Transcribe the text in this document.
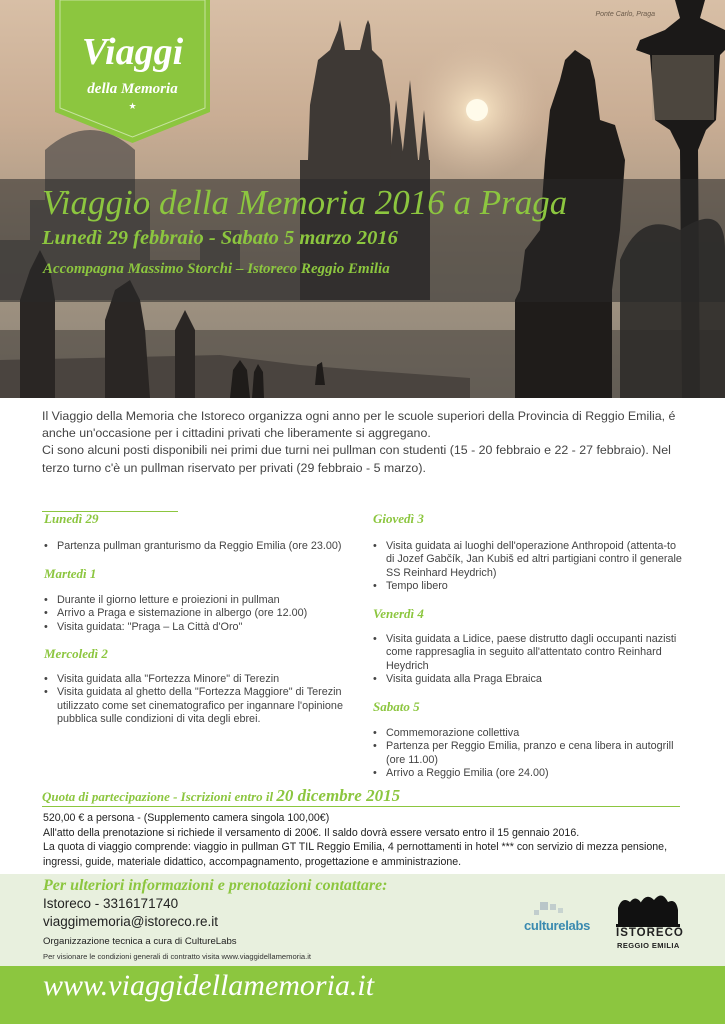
Ponte Carlo, Praga
Viaggi
della Memoria
★
Viaggio della Memoria 2016 a Praga
Lunedì 29 febbraio - Sabato 5 marzo 2016
Accompagna Massimo Storchi – Istoreco Reggio Emilia

Il Viaggio della Memoria che Istoreco organizza ogni anno per le scuole superiori della Provincia di Reggio Emilia, é anche un'occasione per i cittadini privati che liberamente si aggregano.

Ci sono alcuni posti disponibili nei primi due turni nei pullman con studenti (15 - 20 febbraio e 22 - 27 febbraio). Nel terzo turno c'è un pullman riservato per privati (29 febbraio - 5 marzo).

Lunedì 29
• Partenza pullman granturismo da Reggio Emilia (ore 23.00)
Martedì 1
• Durante il giorno letture e proiezioni in pullman
• Arrivo a Praga e sistemazione in albergo (ore 12.00)
• Visita guidata: "Praga – La Città d'Oro"
Mercoledì 2
• Visita guidata alla "Fortezza Minore" di Terezin
• Visita guidata al ghetto della "Fortezza Maggiore" di Terezin utilizzato come set cinematografico per ingannare l'opinione pubblica sulle condizioni di vita degli ebrei.
Giovedì 3
• Visita guidata ai luoghi dell'operazione Anthropoid (attenta-to di Jozef Gabčík, Jan Kubiš ed altri partigiani contro il generale SS Reinhard Heydrich)
• Tempo libero
Venerdì 4
• Visita guidata a Lidice, paese distrutto dagli occupanti nazisti come rappresaglia in seguito all'attentato contro Reinhard Heydrich
• Visita guidata alla Praga Ebraica
Sabato 5
• Commemorazione collettiva
• Partenza per Reggio Emilia, pranzo e cena libera in autogrill (ore 11.00)
• Arrivo a Reggio Emilia (ore 24.00)
Quota di partecipazione - Iscrizioni entro il 20 dicembre 2015
520,00 € a persona - (Supplemento camera singola 100,00€)
All'atto della prenotazione si richiede il versamento di 200€. Il saldo dovrà essere versato entro il 15 gennaio 2016.
La quota di viaggio comprende: viaggio in pullman GT TIL Reggio Emilia, 4 pernottamenti in hotel *** con servizio di mezza pensione, ingressi, guide, materiale didattico, accompagnamento, progettazione e amministrazione.
Per ulteriori informazioni e prenotazioni contattare:
Istoreco - 3316171740
viaggimemoria@istoreco.re.it
Organizzazione tecnica a cura di CultureLabs
Per visionare le condizioni generali di contratto visita www.viaggidellamemoria.it
culturelabs ISTORECO
REGGIO EMILIA
www.viaggidellamemoria.it
